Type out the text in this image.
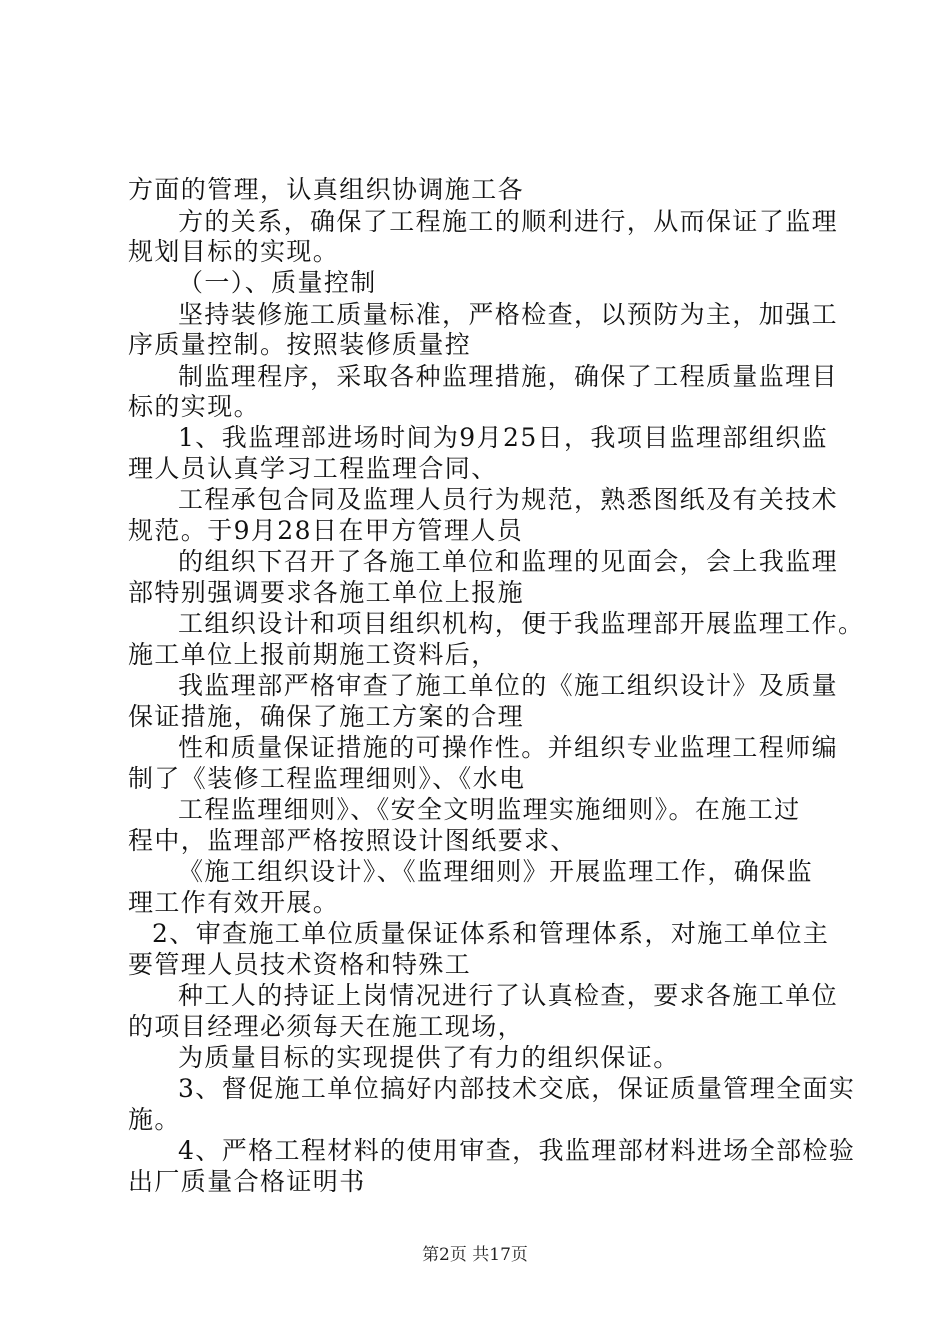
方面的管理，认真组织协调施工各
方的关系，确保了工程施工的顺利进行，从而保证了监理
规划目标的实现。
（一）、质量控制
坚持装修施工质量标准，严格检查，以预防为主，加强工
序质量控制。按照装修质量控
制监理程序，采取各种监理措施，确保了工程质量监理目
标的实现。
1、我监理部进场时间为9月25日，我项目监理部组织监
理人员认真学习工程监理合同、
工程承包合同及监理人员行为规范，熟悉图纸及有关技术
规范。于9月28日在甲方管理人员
的组织下召开了各施工单位和监理的见面会，会上我监理
部特别强调要求各施工单位上报施
工组织设计和项目组织机构，便于我监理部开展监理工作。
施工单位上报前期施工资料后，
我监理部严格审查了施工单位的《施工组织设计》及质量
保证措施，确保了施工方案的合理
性和质量保证措施的可操作性。并组织专业监理工程师编
制了《装修工程监理细则》、《水电
工程监理细则》、《安全文明监理实施细则》。在施工过
程中，监理部严格按照设计图纸要求、
《施工组织设计》、《监理细则》开展监理工作，确保监
理工作有效开展。
2、审查施工单位质量保证体系和管理体系，对施工单位主
要管理人员技术资格和特殊工
种工人的持证上岗情况进行了认真检查，要求各施工单位
的项目经理必须每天在施工现场，
为质量目标的实现提供了有力的组织保证。
3、督促施工单位搞好内部技术交底，保证质量管理全面实
施。
4、严格工程材料的使用审查，我监理部材料进场全部检验
出厂质量合格证明书
第2页 共17页
